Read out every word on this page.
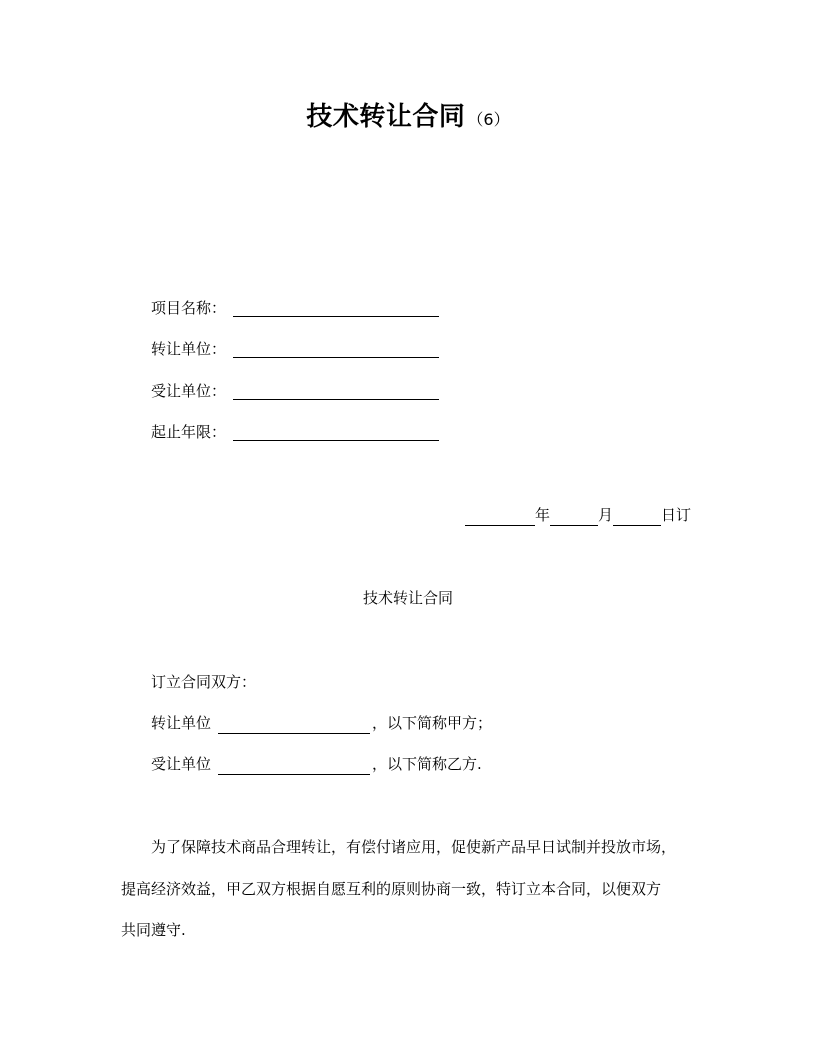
技术转让合同 （6）
项目名称：
转让单位：
受让单位：
起止年限：
年	月	日订
技术转让合同
订立合同双方：
转让单位	，以下简称甲方；
受让单位	，以下简称乙方.
为了保障技术商品合理转让，有偿付诸应用，促使新产品早日试制并投放市场，
提高经济效益，甲乙双方根据自愿互利的原则协商一致，特订立本合同，以便双方
共同遵守.
